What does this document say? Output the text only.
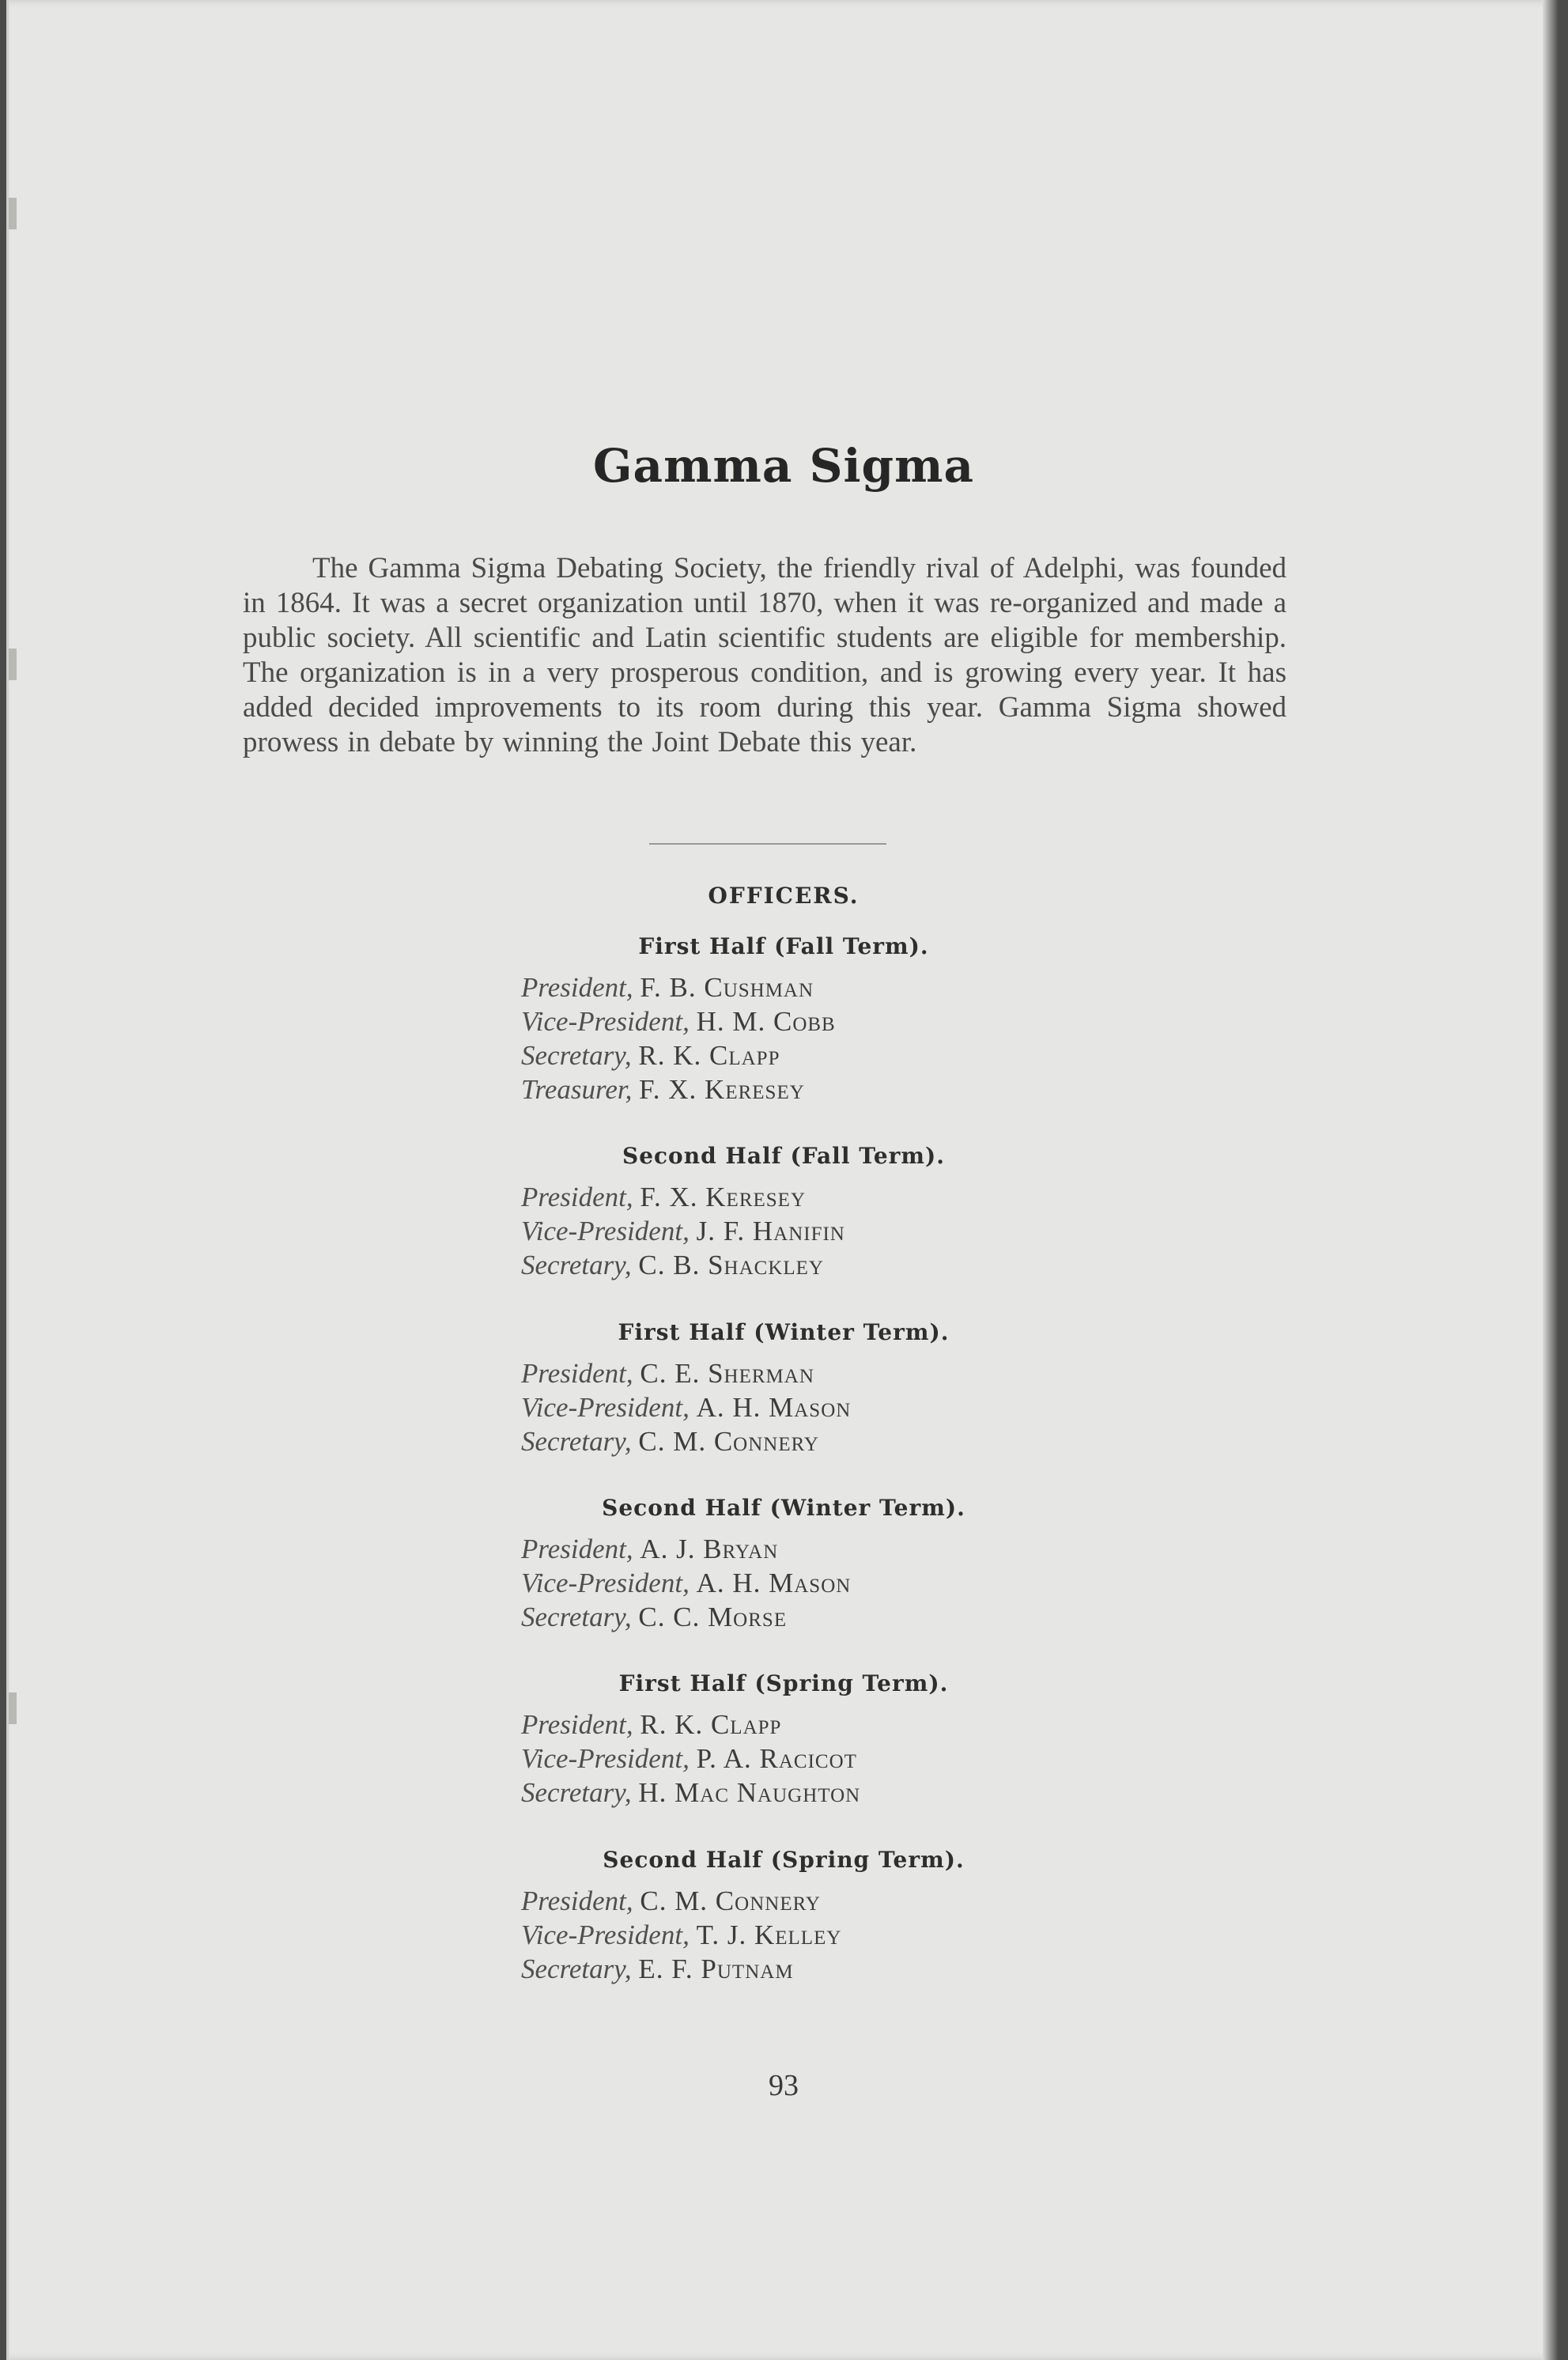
Gamma Sigma

The Gamma Sigma Debating Society, the friendly rival of Adelphi, was founded in 1864. It was a secret organization until 1870, when it was re-organized and made a public society. All scientific and Latin scientific students are eligible for membership. The organization is in a very prosperous condition, and is growing every year. It has added decided improvements to its room during this year. Gamma Sigma showed prowess in debate by winning the Joint Debate this year.

OFFICERS.
First Half (Fall Term).
President, F. B. Cushman
Vice-President, H. M. Cobb
Secretary, R. K. Clapp
Treasurer, F. X. Keresey
Second Half (Fall Term).
President, F. X. Keresey
Vice-President, J. F. Hanifin
Secretary, C. B. Shackley
First Half (Winter Term).
President, C. E. Sherman
Vice-President, A. H. Mason
Secretary, C. M. Connery
Second Half (Winter Term).
President, A. J. Bryan
Vice-President, A. H. Mason
Secretary, C. C. Morse
First Half (Spring Term).
President, R. K. Clapp
Vice-President, P. A. Racicot
Secretary, H. Mac Naughton
Second Half (Spring Term).
President, C. M. Connery
Vice-President, T. J. Kelley
Secretary, E. F. Putnam
93
